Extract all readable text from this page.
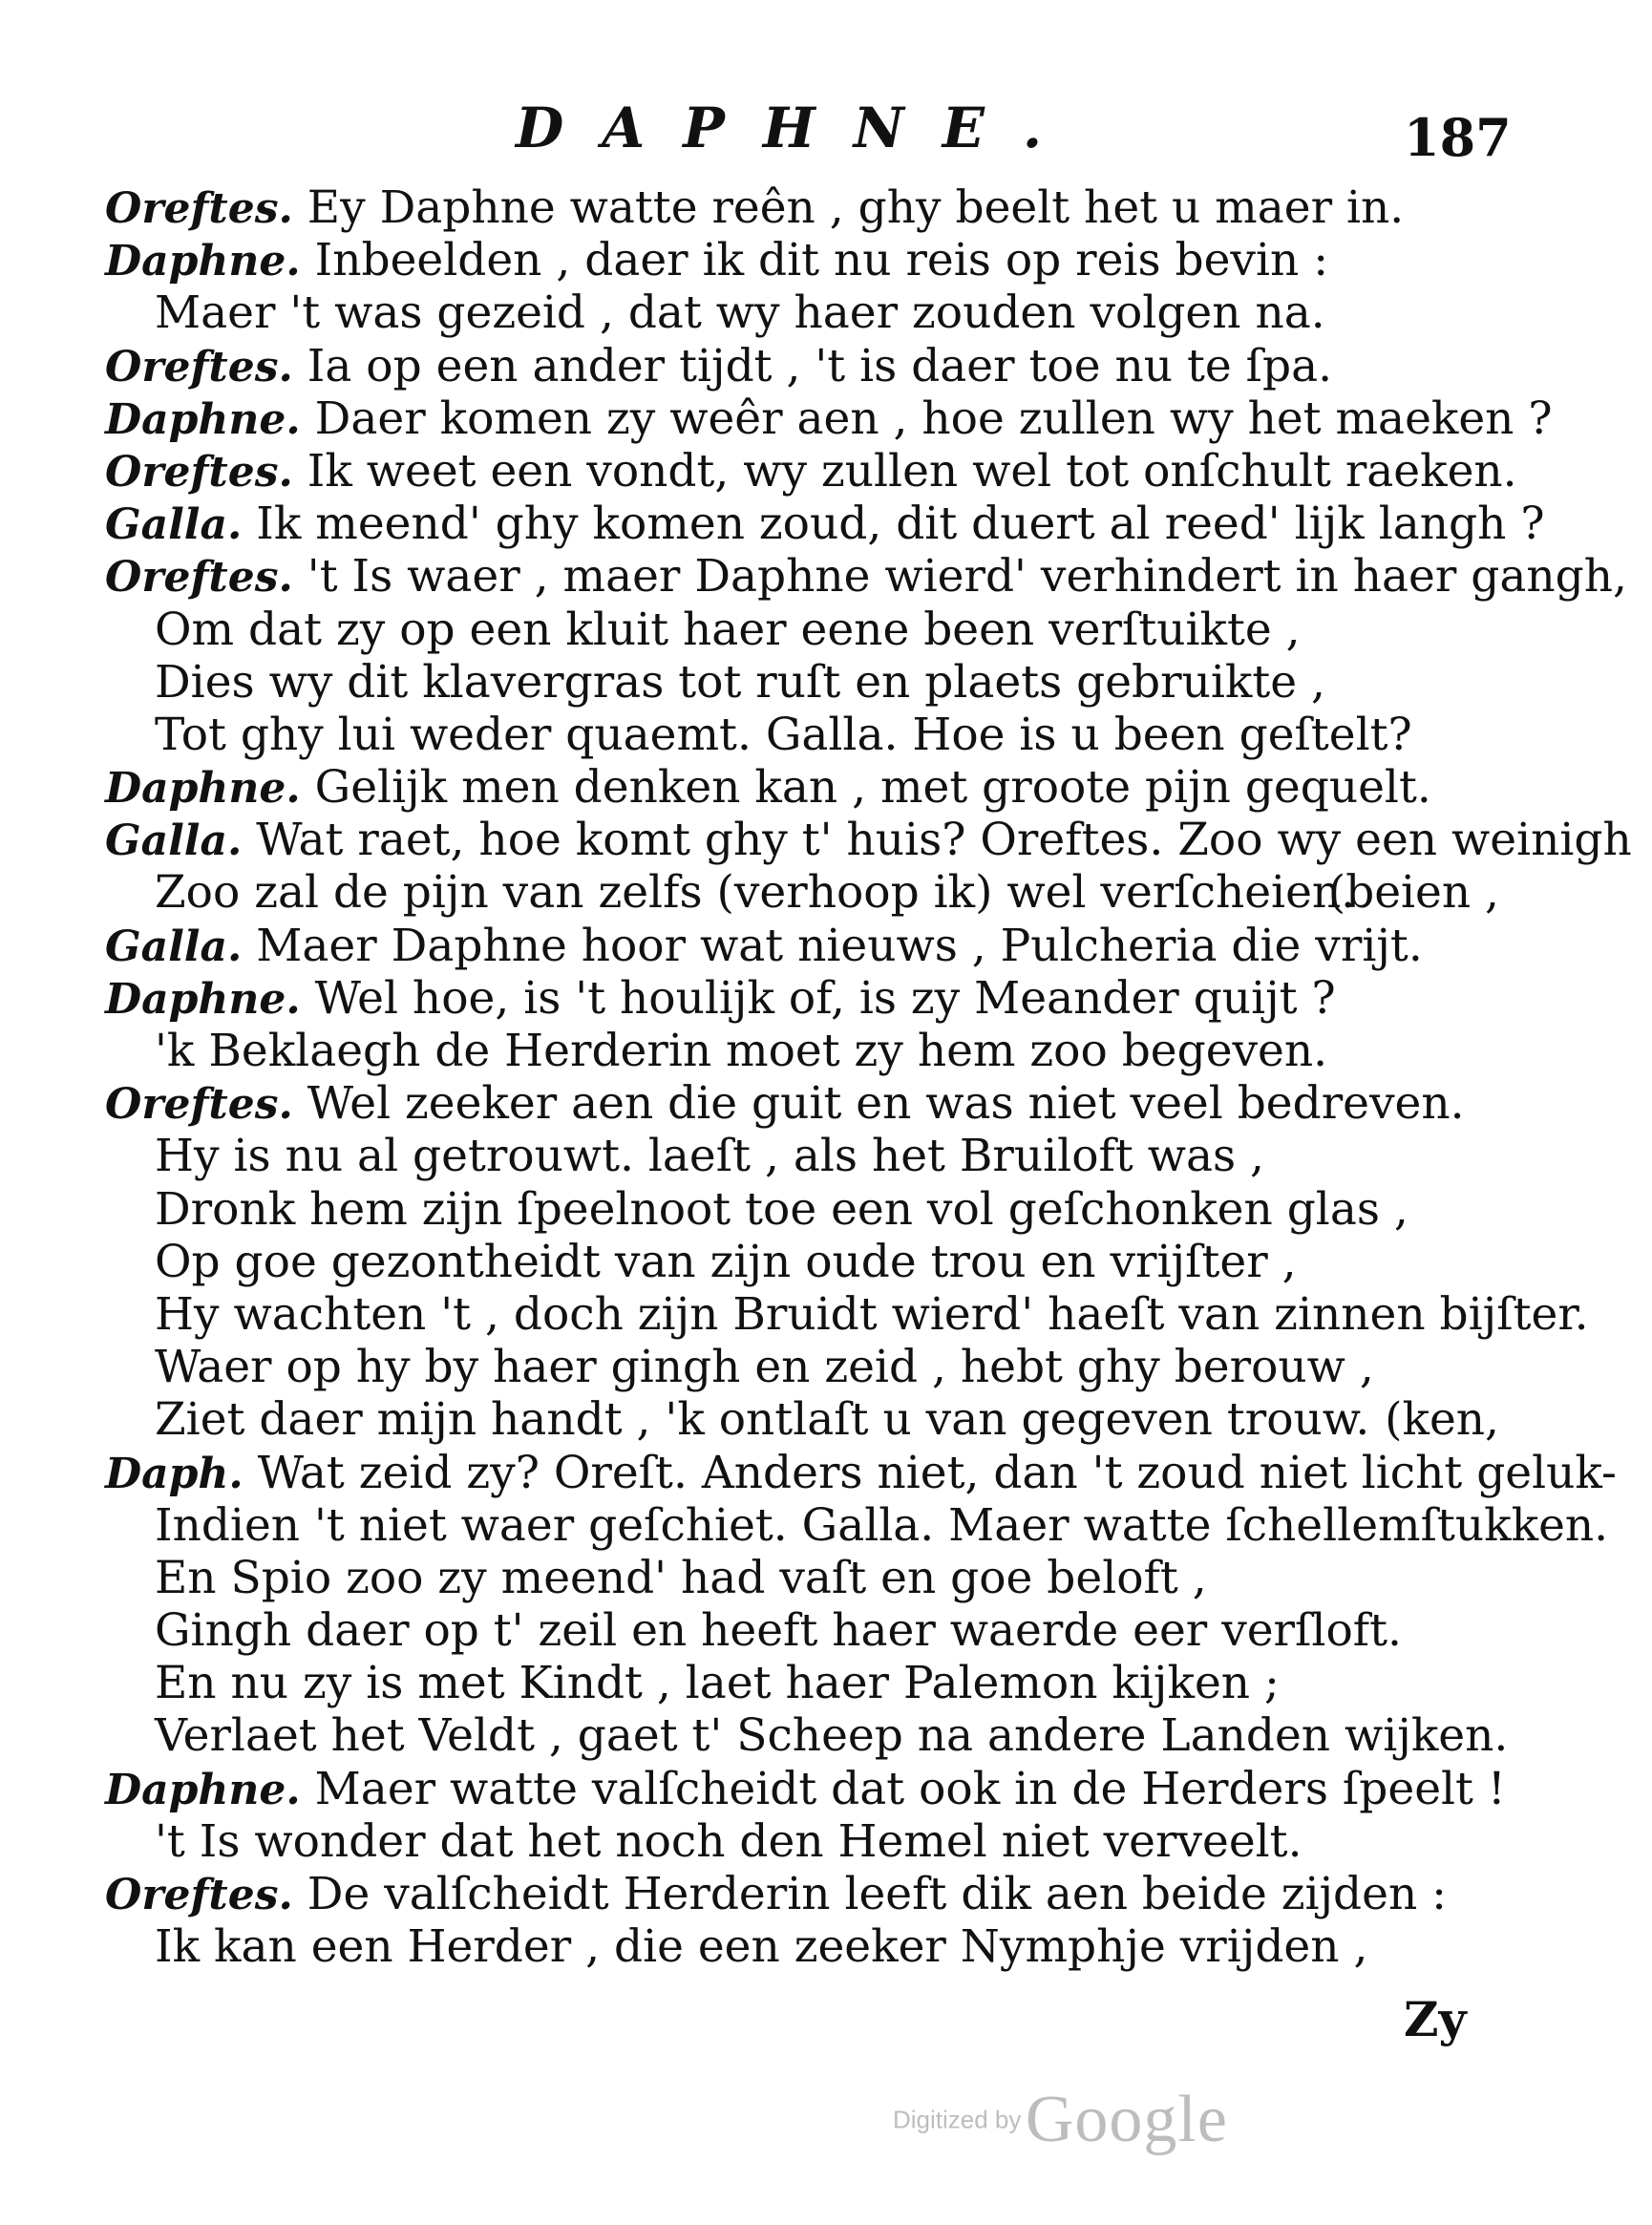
DAPHNE.	187
Oreftes. Ey Daphne watte reên , ghy beelt het u maer in.
Daphne. Inbeelden , daer ik dit nu reis op reis bevin :
Maer 't was gezeid , dat wy haer zouden volgen na.
Oreftes. Ia op een ander tijdt , 't is daer toe nu te ſpa.
Daphne. Daer komen zy weêr aen , hoe zullen wy het maeken ?
Oreftes. Ik weet een vondt, wy zullen wel tot onſchult raeken.
Galla. Ik meend' ghy komen zoud, dit duert al reed' lijk langh ?
Oreftes. 't Is waer , maer Daphne wierd' verhindert in haer gangh,
Om dat zy op een kluit haer eene been verſtuikte ,
Dies wy dit klavergras tot ruſt en plaets gebruikte ,
Tot ghy lui weder quaemt. Galla. Hoe is u been geſtelt?
Daphne. Gelijk men denken kan , met groote pijn gequelt.
Galla. Wat raet, hoe komt ghy t' huis? Oreftes. Zoo wy een weinigh
Zoo zal de pijn van zelfs (verhoop ik) wel verſcheien.
(beien ,
Galla. Maer Daphne hoor wat nieuws , Pulcheria die vrijt.
Daphne. Wel hoe, is 't houlijk of, is zy Meander quijt ?
'k Beklaegh de Herderin moet zy hem zoo begeven.
Oreftes. Wel zeeker aen die guit en was niet veel bedreven.
Hy is nu al getrouwt. laeſt , als het Bruiloft was ,
Dronk hem zijn ſpeelnoot toe een vol geſchonken glas ,
Op goe gezontheidt van zijn oude trou en vrijſter ,
Hy wachten 't , doch zijn Bruidt wierd' haeſt van zinnen bijſter.
Waer op hy by haer gingh en zeid , hebt ghy berouw ,
Ziet daer mijn handt , 'k ontlaſt u van gegeven trouw. (ken,
Daph. Wat zeid zy? Oreſt. Anders niet, dan 't zoud niet licht geluk-
Indien 't niet waer geſchiet. Galla. Maer watte ſchellemſtukken.
En Spio zoo zy meend' had vaſt en goe beloft ,
Gingh daer op t' zeil en heeft haer waerde eer verſloft.
En nu zy is met Kindt , laet haer Palemon kijken ;
Verlaet het Veldt , gaet t' Scheep na andere Landen wijken.
Daphne. Maer watte valſcheidt dat ook in de Herders ſpeelt !
't Is wonder dat het noch den Hemel niet verveelt.
Oreftes. De valſcheidt Herderin leeft dik aen beide zijden :
Ik kan een Herder , die een zeeker Nymphje vrijden ,
Zy
Digitized by Google
